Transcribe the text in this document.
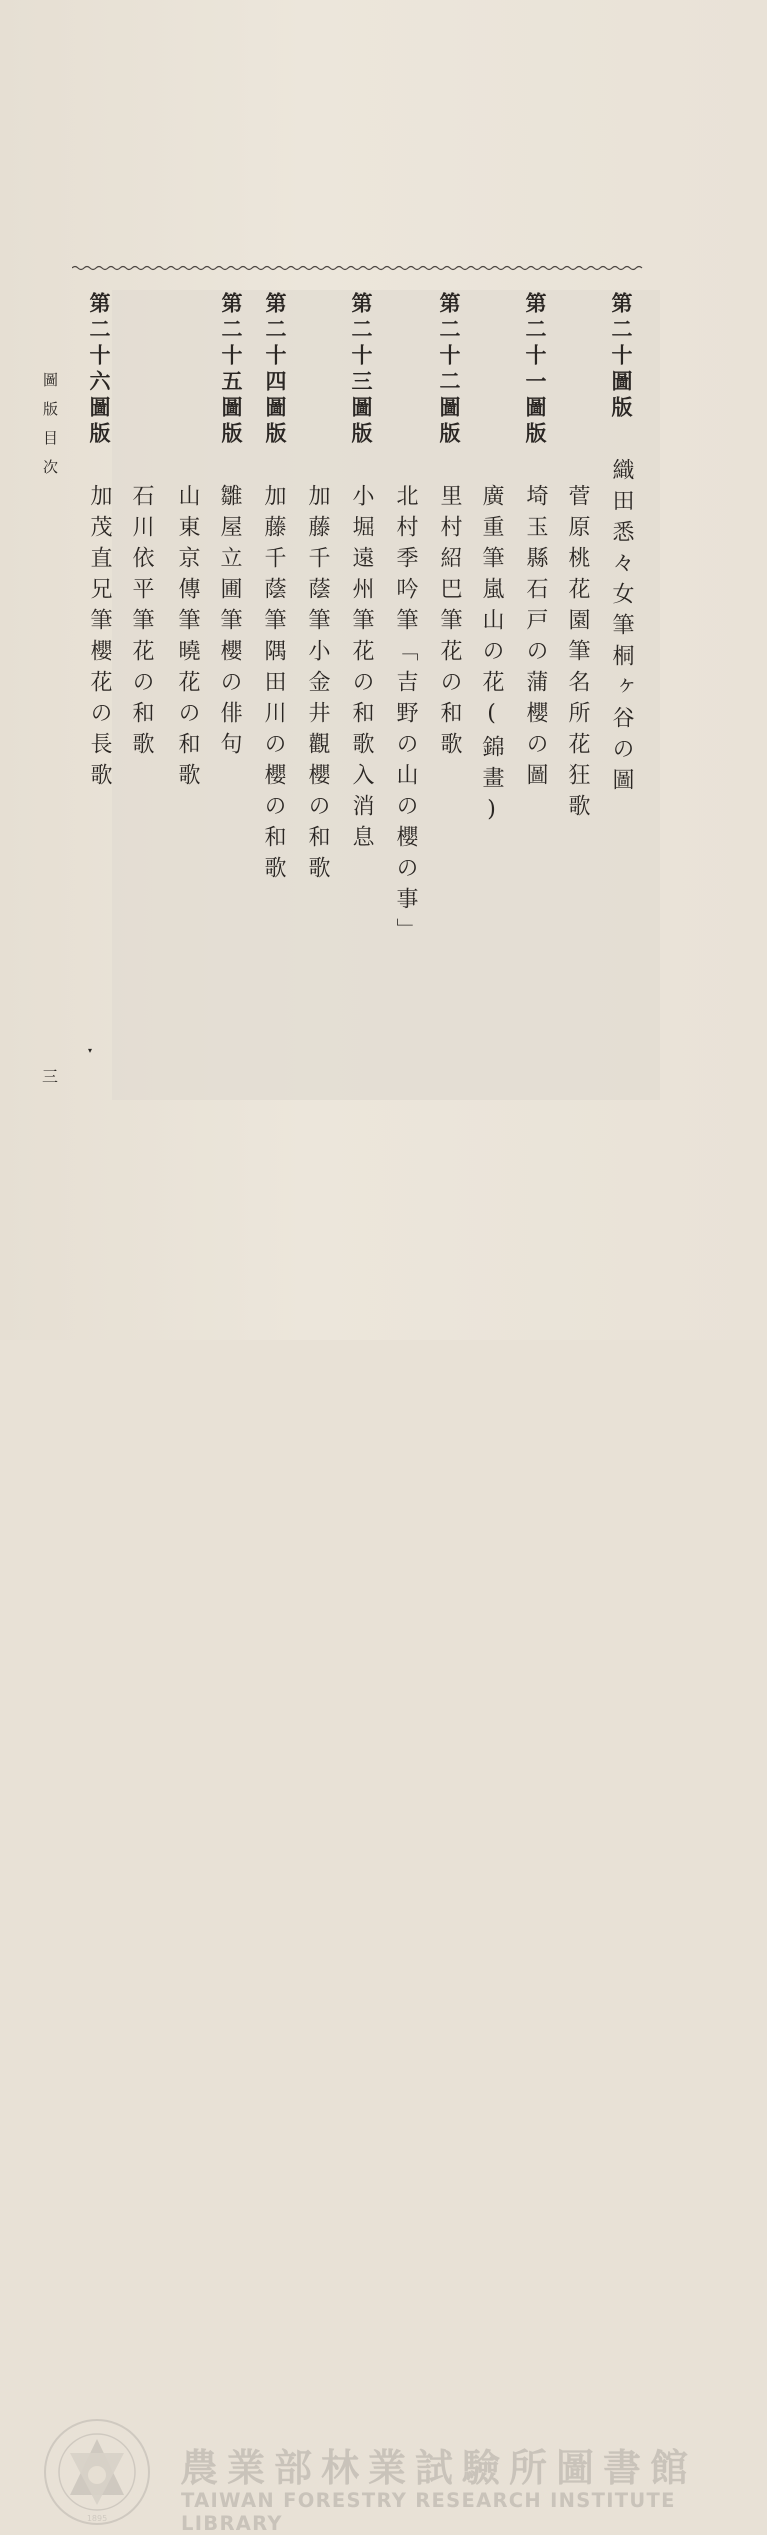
第二十圖版

織田悉々女筆桐ヶ谷の圖

菅原桃花園筆名所花狂歌

第二十一圖版

埼玉縣石戸の蒲櫻の圖

廣重筆嵐山の花(錦畫)

第二十二圖版

里村紹巴筆花の和歌

北村季吟筆「吉野の山の櫻の事」

第二十三圖版

小堀遠州筆花の和歌入消息

加藤千蔭筆小金井觀櫻の和歌

第二十四圖版

加藤千蔭筆隅田川の櫻の和歌

山東京傳筆曉花の和歌

第二十五圖版

雛屋立圃筆櫻の俳句

石川依平筆花の和歌

第二十六圖版

加茂直兄筆櫻花の長歌

圖版目次

三

▾
1895
農業部林業試驗所圖書館
TAIWAN FORESTRY RESEARCH INSTITUTE LIBRARY
